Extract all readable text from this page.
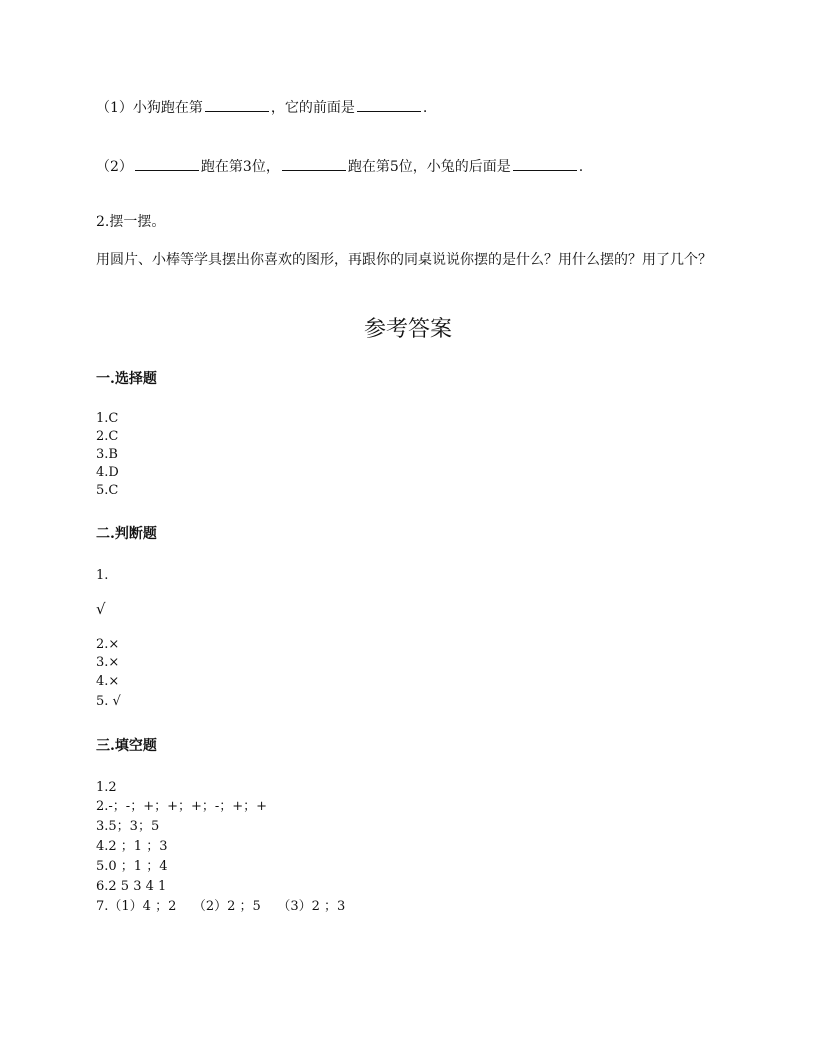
（1）小狗跑在第	，它的前面是	.
（2）	跑在第3位，	跑在第5位，小兔的后面是	.
2.摆一摆。
用圆片、小棒等学具摆出你喜欢的图形，再跟你的同桌说说你摆的是什么？用什么摆的？用了几个？
参考答案
一.选择题
1.C
2.C
3.B
4.D
5.C
二.判断题
1.
√
2.×
3.×
4.×
5. √
三.填空题
1.2
2.-；-；+；+；+；-；+；+
3.5；3；5
4.2 ；1 ；3
5.0 ；1 ；4
6.2 5 3 4 1
7.（1）4 ；2    （2）2 ；5    （3）2 ；3
